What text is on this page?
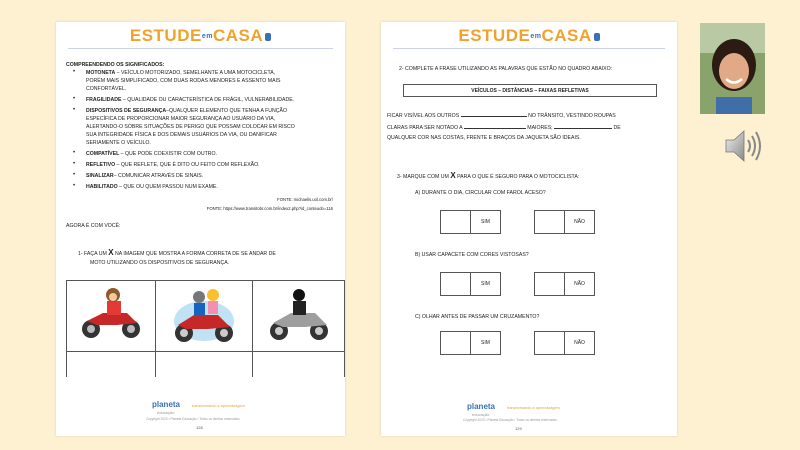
ESTUDEemCASA
COMPREENDENDO OS SIGNIFICADOS:
• MOTONETA – VEÍCULO MOTORIZADO, SEMELHANTE A UMA MOTOCICLETA,
PORÉM MAIS SIMPLIFICADO, COM DUAS RODAS MENORES E ASSENTO MAIS
CONFORTÁVEL.
• FRAGILIDADE – QUALIDADE OU CARACTERÍSTICA DE FRÁGIL, VULNERABILIDADE.
• DISPOSITIVOS DE SEGURANÇA–QUALQUER ELEMENTO QUE TENHA A FUNÇÃO
ESPECÍFICA DE PROPORCIONAR MAIOR SEGURANÇA AO USUÁRIO DA VIA,
ALERTANDO-O SOBRE SITUAÇÕES DE PERIGO QUE POSSAM COLOCAR EM RISCO
SUA INTEGRIDADE FÍSICA E DOS DEMAIS USUÁRIOS DA VIA, OU DANIFICAR
SERIAMENTE O VEÍCULO.
• COMPATÍVEL – QUE PODE COEXISTIR COM OUTRO.
• REFLETIVO – QUE REFLETE, QUE É DITO OU FEITO COM REFLEXÃO.
• SINALIZAR– COMUNICAR ATRAVÉS DE SINAIS.
• HABILITADO – QUE OU QUEM PASSOU NUM EXAME.
FONTE: michaelis.uol.com.br/
FONTE: https://www.transitobr.com.br/index2.php?id_conteudo=116
AGORA É COM VOCÊ:
1- FAÇA UM X NA IMAGEM QUE MOSTRA A FORMA CORRETA DE SE ANDAR DE
MOTO UTILIZANDO OS DISPOSITIVOS DE SEGURANÇA.
planeta
educação
transformando a aprendizagem
Copyright 2020 • Planeta Educação • Todos os direitos reservados
128
ESTUDEemCASA
2- COMPLETE A FRASE UTILIZANDO AS PALAVRAS QUE ESTÃO NO QUADRO ABAIXO:
VEÍCULOS – DISTÂNCIAS – FAIXAS REFLETIVAS
FICAR VISÍVEL AOS OUTROS	NO TRÂNSITO, VESTINDO ROUPAS
CLARAS PARA SER NOTADO A	MAIORES;	DE
QUALQUER COR NAS COSTAS, FRENTE E BRAÇOS DA JAQUETA SÃO IDEAIS.
3- MARQUE COM UM X PARA O QUE É SEGURO PARA O MOTOCICLISTA:
A) DURANTE O DIA, CIRCULAR COM FAROL ACESO?
SIM	NÃO
B) USAR CAPACETE COM CORES VISTOSAS?
SIM	NÃO
C) OLHAR ANTES DE PASSAR UM CRUZAMENTO?
SIM	NÃO
planeta
educação
transformando a aprendizagem
Copyright 2020 • Planeta Educação • Todos os direitos reservados
129
